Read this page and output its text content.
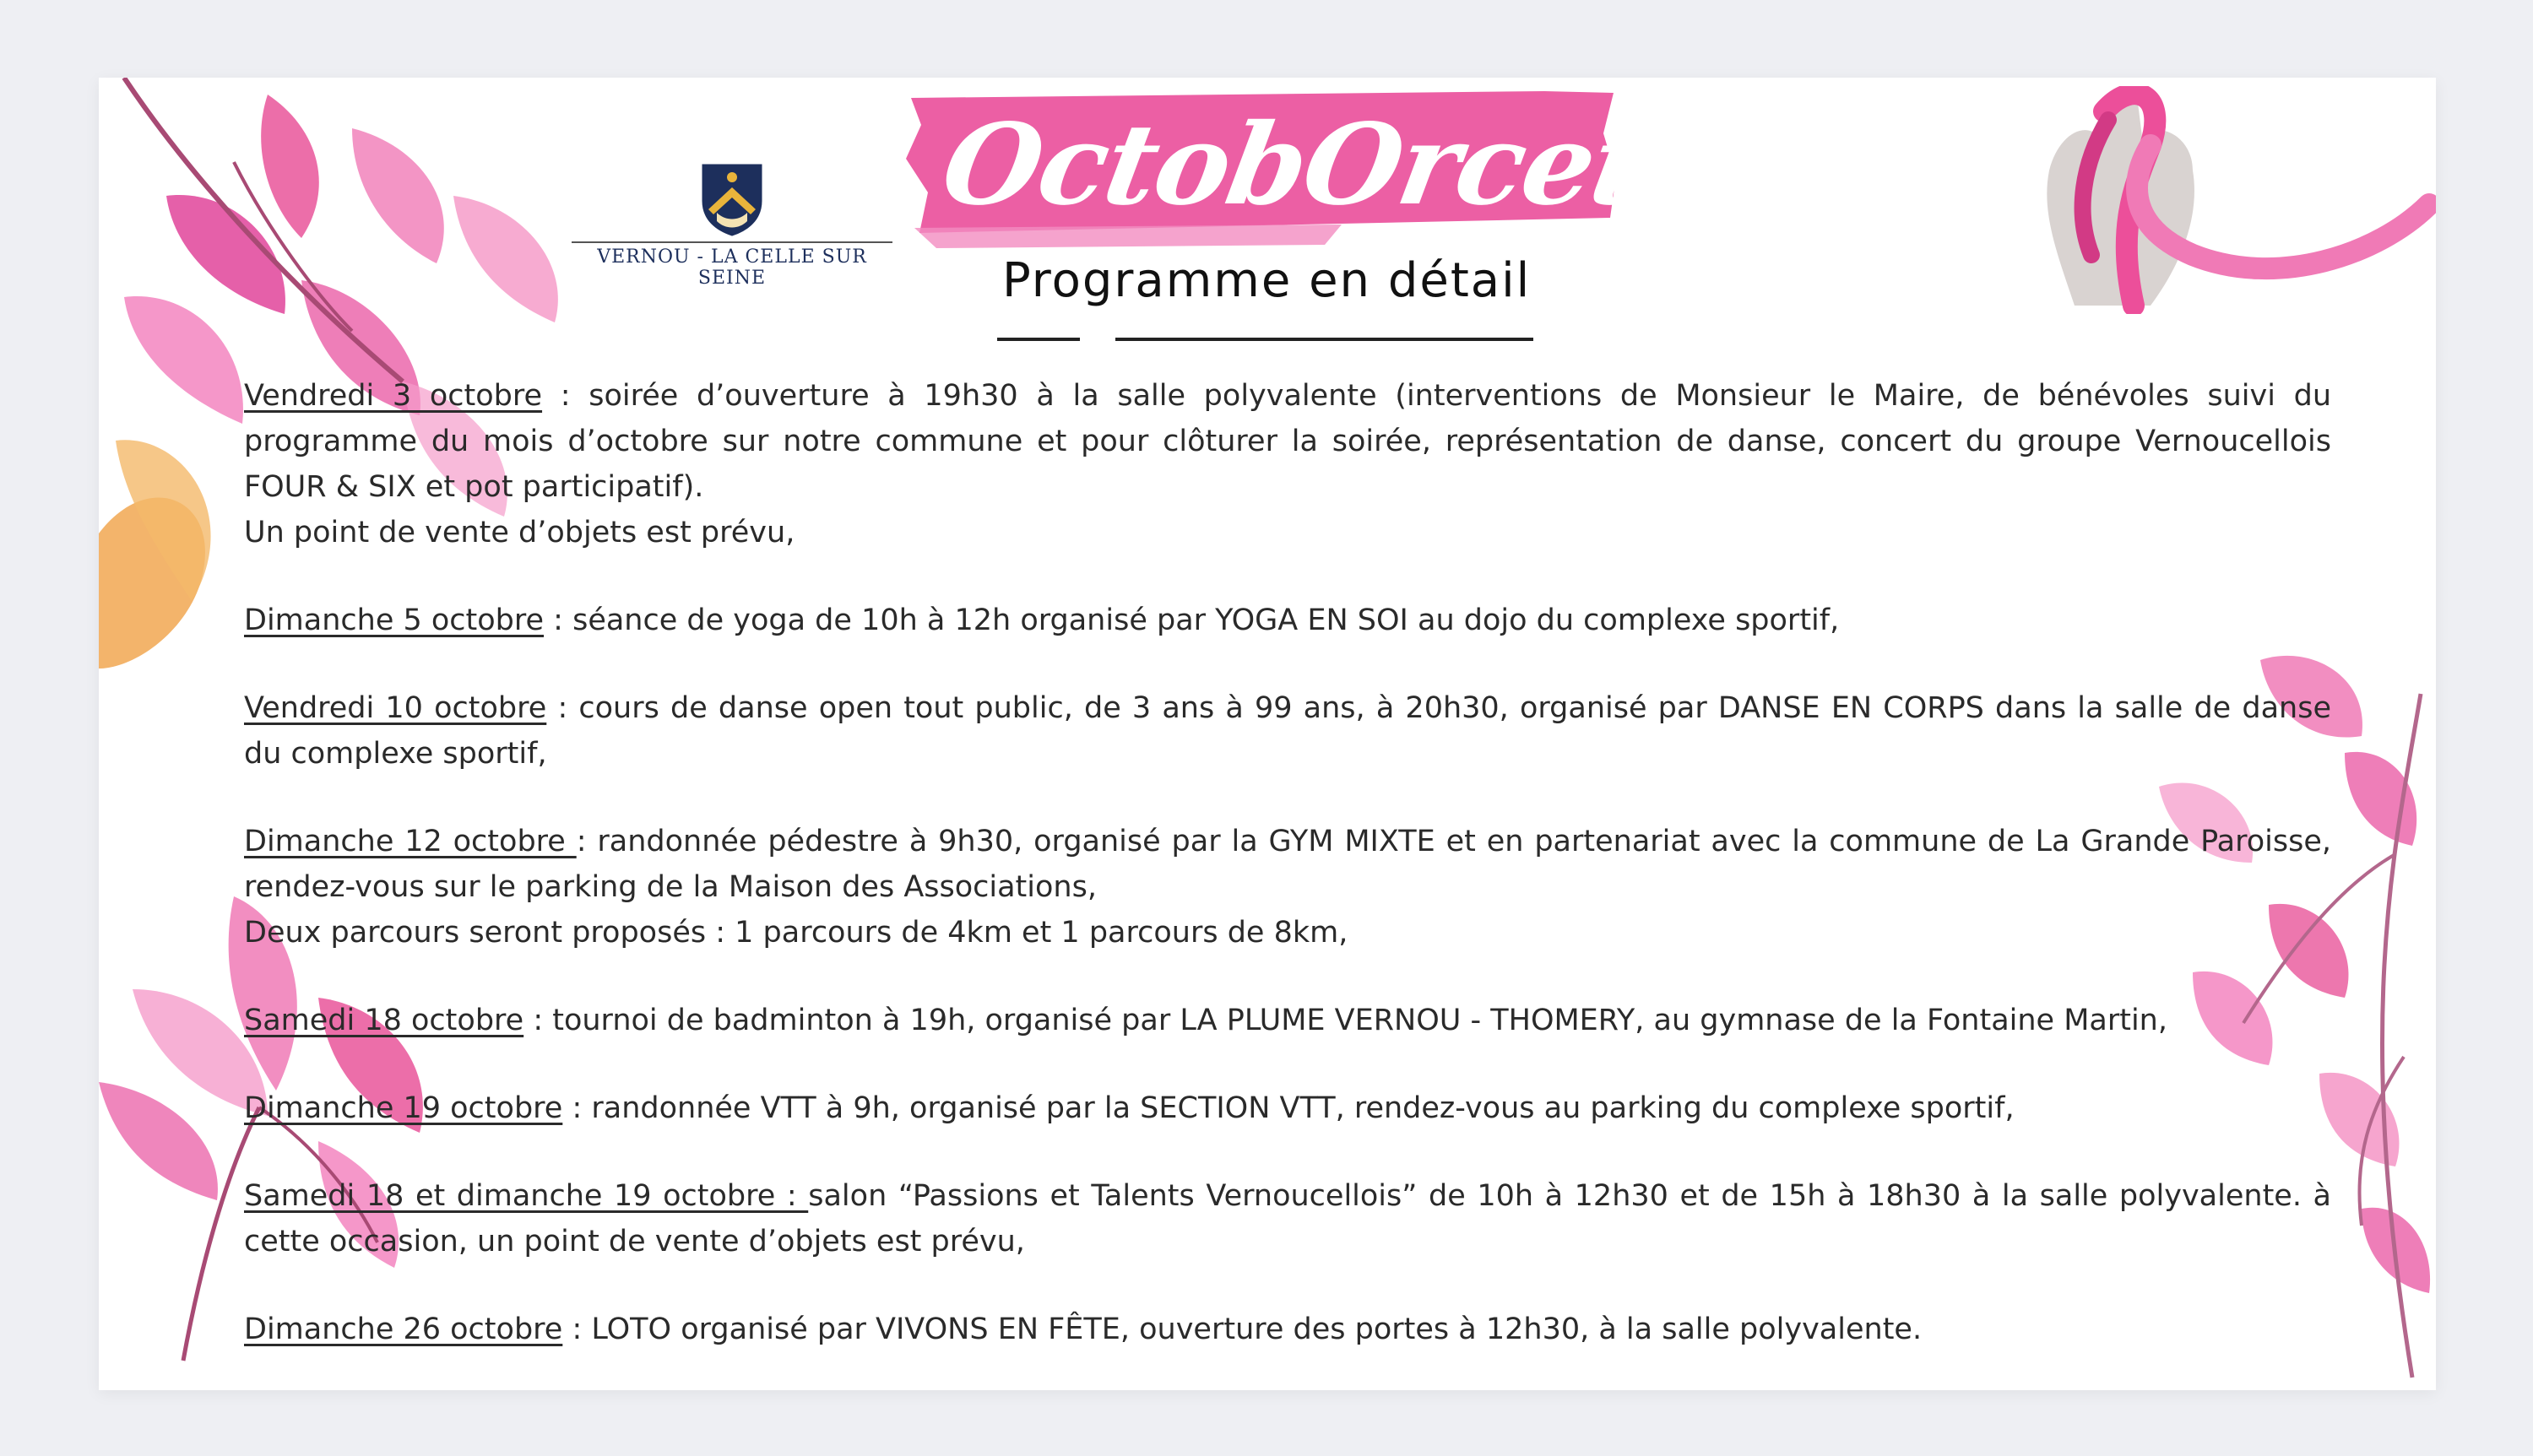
VERNOU - LA CELLE SUR SEINE
OctobOrcet oR
Programme en détail

Vendredi 3 octobre : soirée d’ouverture à 19h30 à la salle polyvalente (interventions de Monsieur le Maire, de bénévoles suivi du programme du mois d’octobre sur notre commune et pour clôturer la soirée, représentation de danse, concert du groupe Vernoucellois FOUR & SIX et pot participatif).

Un point de vente d’objets est prévu,

Dimanche 5 octobre : séance de yoga de 10h à 12h organisé par YOGA EN SOI au dojo du complexe sportif,

Vendredi 10 octobre : cours de danse open tout public, de 3 ans à 99 ans, à 20h30, organisé par DANSE EN CORPS dans la salle de danse du complexe sportif,

Dimanche 12 octobre : randonnée pédestre à 9h30, organisé par la GYM MIXTE et en partenariat avec la commune de La Grande Paroisse, rendez-vous sur le parking de la Maison des Associations,

Deux parcours seront proposés : 1 parcours de 4km et 1 parcours de 8km,

Samedi 18 octobre : tournoi de badminton à 19h, organisé par LA PLUME VERNOU - THOMERY, au gymnase de la Fontaine Martin,

Dimanche 19 octobre : randonnée VTT à 9h, organisé par la SECTION VTT, rendez-vous au parking du complexe sportif,

Samedi 18 et dimanche 19 octobre : salon “Passions et Talents Vernoucellois” de 10h à 12h30 et de 15h à 18h30 à la salle polyvalente. à cette occasion, un point de vente d’objets est prévu,

Dimanche 26 octobre : LOTO organisé par VIVONS EN FÊTE, ouverture des portes à 12h30, à la salle polyvalente.
